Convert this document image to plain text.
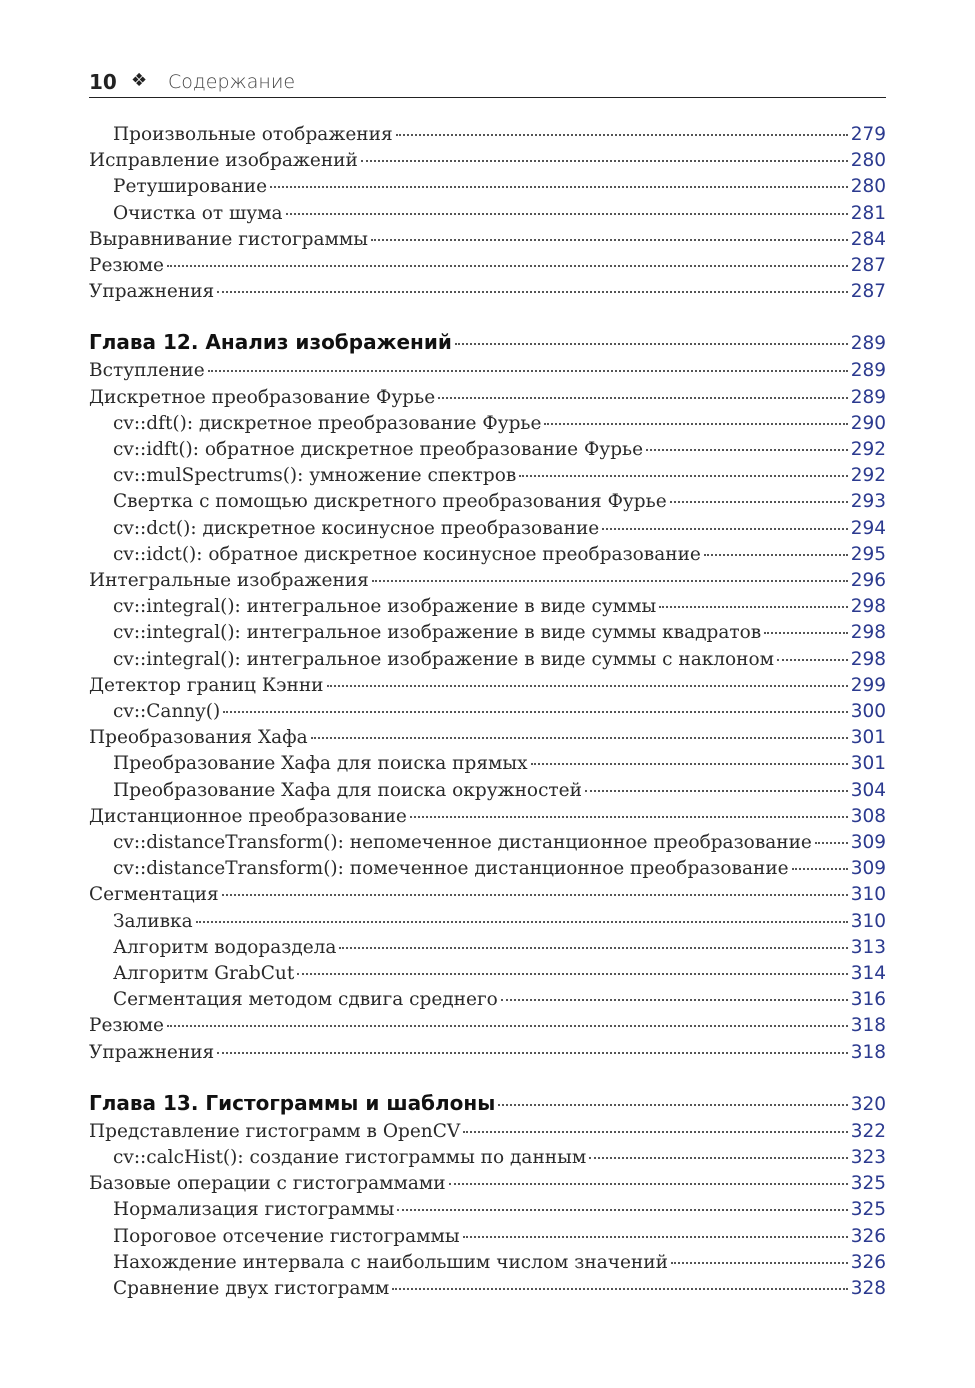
10 ❖ Содержание
Произвольные отображения	279
Исправление изображений	280
Ретуширование	280
Очистка от шума	281
Выравнивание гистограммы	284
Резюме	287
Упражнения	287
Глава 12. Анализ изображений	289
Вступление	289
Дискретное преобразование Фурье	289
cv::dft(): дискретное преобразование Фурье	290
cv::idft(): обратное дискретное преобразование Фурье	292
cv::mulSpectrums(): умножение спектров	292
Свертка с помощью дискретного преобразования Фурье	293
cv::dct(): дискретное косинусное преобразование	294
cv::idct(): обратное дискретное косинусное преобразование	295
Интегральные изображения	296
cv::integral(): интегральное изображение в виде суммы	298
cv::integral(): интегральное изображение в виде суммы квадратов	298
cv::integral(): интегральное изображение в виде суммы с наклоном	298
Детектор границ Кэнни	299
cv::Canny()	300
Преобразования Хафа	301
Преобразование Хафа для поиска прямых	301
Преобразование Хафа для поиска окружностей	304
Дистанционное преобразование	308
cv::distanceTransform(): непомеченное дистанционное преобразование 309
cv::distanceTransform(): помеченное дистанционное преобразование	309
Сегментация	310
Заливка	310
Алгоритм водораздела	313
Алгоритм GrabCut	314
Сегментация методом сдвига среднего	316
Резюме	318
Упражнения	318
Глава 13. Гистограммы и шаблоны	320
Представление гистограмм в OpenCV	322
cv::calcHist(): создание гистограммы по данным	323
Базовые операции с гистограммами	325
Нормализация гистограммы	325
Пороговое отсечение гистограммы	326
Нахождение интервала с наибольшим числом значений	326
Сравнение двух гистограмм	328
